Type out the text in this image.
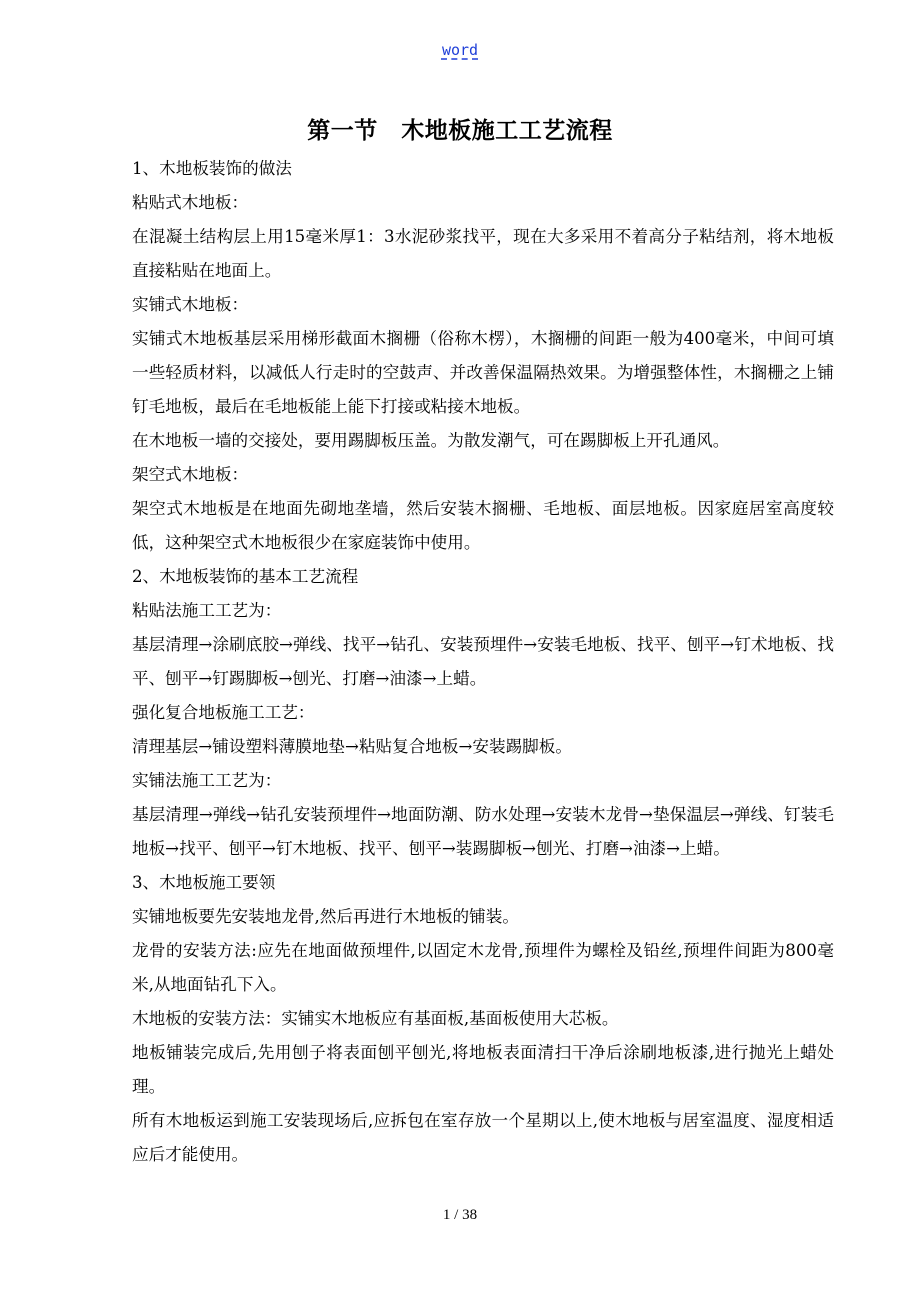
word
第一节　木地板施工工艺流程

1、木地板装饰的做法

粘贴式木地板：

在混凝土结构层上用15毫米厚1：3水泥砂浆找平，现在大多采用不着高分子粘结剂，将木地板直接粘贴在地面上。

实铺式木地板：

实铺式木地板基层采用梯形截面木搁栅（俗称木楞），木搁栅的间距一般为400毫米，中间可填一些轻质材料，以减低人行走时的空鼓声、并改善保温隔热效果。为增强整体性，木搁栅之上铺钉毛地板，最后在毛地板能上能下打接或粘接木地板。

在木地板一墙的交接处，要用踢脚板压盖。为散发潮气，可在踢脚板上开孔通风。

架空式木地板：

架空式木地板是在地面先砌地垄墙，然后安装木搁栅、毛地板、面层地板。因家庭居室高度较低，这种架空式木地板很少在家庭装饰中使用。

2、木地板装饰的基本工艺流程

粘贴法施工工艺为：

基层清理→涂刷底胶→弹线、找平→钻孔、安装预埋件→安装毛地板、找平、刨平→钉术地板、找平、刨平→钉踢脚板→刨光、打磨→油漆→上蜡。

强化复合地板施工工艺：

清理基层→铺设塑料薄膜地垫→粘贴复合地板→安装踢脚板。

实铺法施工工艺为：

基层清理→弹线→钻孔安装预埋件→地面防潮、防水处理→安装木龙骨→垫保温层→弹线、钉装毛地板→找平、刨平→钉木地板、找平、刨平→装踢脚板→刨光、打磨→油漆→上蜡。

3、木地板施工要领

实铺地板要先安装地龙骨,然后再进行木地板的铺装。

龙骨的安装方法:应先在地面做预埋件,以固定木龙骨,预埋件为螺栓及铅丝,预埋件间距为800毫米,从地面钻孔下入。

木地板的安装方法：实铺实木地板应有基面板,基面板使用大芯板。

地板铺装完成后,先用刨子将表面刨平刨光,将地板表面清扫干净后涂刷地板漆,进行抛光上蜡处理。

所有木地板运到施工安装现场后,应拆包在室存放一个星期以上,使木地板与居室温度、湿度相适应后才能使用。

1 / 38
